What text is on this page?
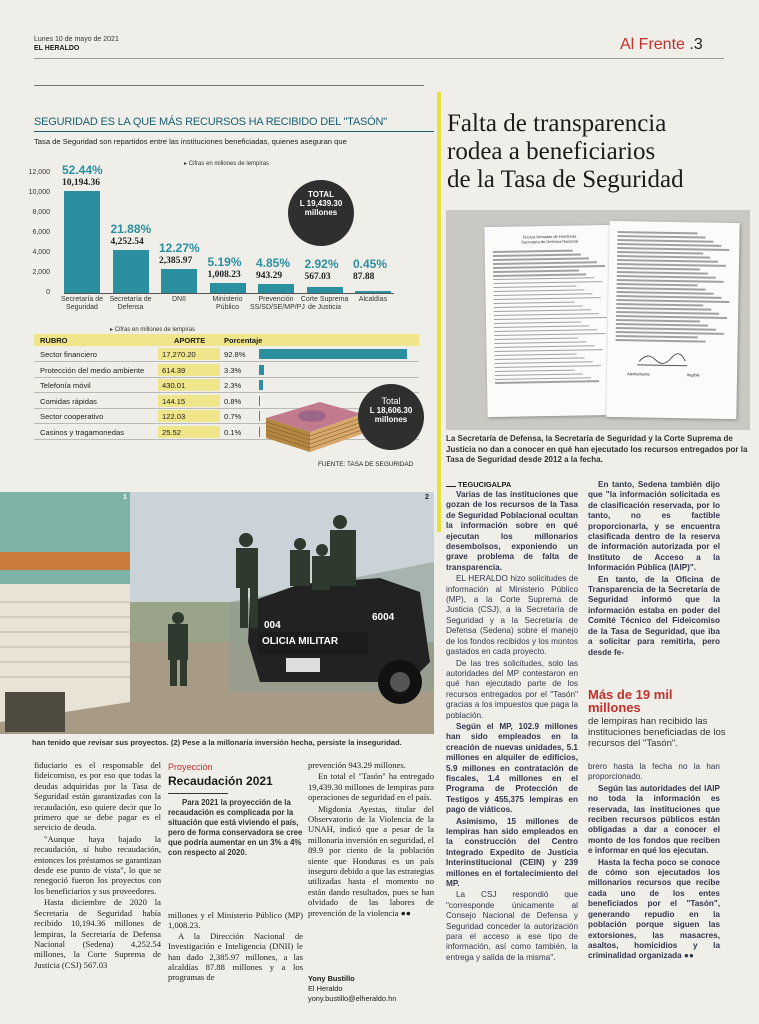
Lunes 10 de mayo de 2021
EL HERALDO	Al Frente .3
SEGURIDAD ES LA QUE MÁS RECURSOS HA RECIBIDO DEL "TASÓN"
Tasa de Seguridad son repartidos entre las instituciones beneficiadas, quienes aseguran que
▸ Cifras en millones de lempiras
12,000
10,000
8,000
6,000
4,000
2,000
0
10,194.36
52.44%
Secretaría de Seguridad
4,252.54
21.88%
Secretaría de Defensa
2,385.97
12.27%
DNII
1,008.23
5.19%
Ministerio Público
943.29
4.85%
Prevención SS/SD/SE/MP/PJ
567.03
2.92%
Corte Suprema de Justicia
87.88
0.45%
Alcaldías
TOTAL
L 19,439.30
millones
▸ Cifras en millones de lempiras
RUBRO	APORTE Porcentaje
Sector financiero	17,270.20	92.8%
Protección del medio ambiente	614.39	3.3%
Telefonía móvil	430.01	2.3%
Comidas rápidas	144.15	0.8%
Sector cooperativo	122.03	0.7%
Casinos y tragamonedas	25.52	0.1%
Total
L 18,606.30
millones
FUENTE: TASA DE SEGURIDAD
Falta de transparencia
rodea a beneficiarios
de la Tasa de Seguridad
Fuerza Armadas de Honduras
Secretaría de Defensa Nacional
Atentamente	Ilegible
La Secretaría de Defensa, la Secretaría de Seguridad y la Corte Suprema de Justicia no dan a conocer en qué han ejecutado los recursos entregados por la Tasa de Seguridad desde 2012 a la fecha.
OLICIA MILITAR
004
6004
1	2
han tenido que revisar sus proyectos. (2) Pese a la millonaria inversión hecha, persiste la inseguridad.
TEGUCIGALPA

Varias de las instituciones que gozan de los recursos de la Tasa de Seguridad Poblacional ocultan la información sobre en qué ejecutan los millonarios desembolsos, exponiendo un grave problema de falta de transparencia.

EL HERALDO hizo solicitudes de información al Ministerio Público (MP), a la Corte Suprema de Justicia (CSJ), a la Secretaría de Seguridad y a la Secretaría de Defensa (Sedena) sobre el manejo de los fondos recibidos y los montos gastados en cada proyecto.

De las tres solicitudes, solo las autoridades del MP contestaron en qué han ejecutado parte de los recursos entregados por el "Tasón" gracias a los impuestos que paga la población.

Según el MP, 102.9 millones han sido empleados en la creación de nuevas unidades, 5.1 millones en alquiler de edificios, 5.9 millones en contratación de fiscales, 1.4 millones en el Programa de Protección de Testigos y 455,375 lempiras en pago de viáticos.

Asimismo, 15 millones de lempiras han sido empleados en la construcción del Centro Integrado Expedito de Justicia Interinstitucional (CEIN) y 239 millones en el fortalecimiento del MP.

La CSJ respondió que "corresponde únicamente al Consejo Nacional de Defensa y Seguridad conceder la autorización para el acceso a ese tipo de información, así como también, la entrega y salida de la misma".

En tanto, Sedena también dijo que "la información solicitada es de clasificación reservada, por lo tanto, no es factible proporcionarla, y se encuentra clasificada dentro de la reserva de información autorizada por el Instituto de Acceso a la Información Pública (IAIP)".

En tanto, de la Oficina de Transparencia de la Secretaría de Seguridad informó que la información estaba en poder del Comité Técnico del Fideicomiso de la Tasa de Seguridad, que iba a solicitar para remitirla, pero desde fe-

Más de 19 mil millones
de lempiras han recibido las instituciones beneficiadas de los recursos del "Tasón".

brero hasta la fecha no la han proporcionado.

Según las autoridades del IAIP no toda la información es reservada, las instituciones que reciben recursos públicos están obligadas a dar a conocer el monto de los fondos que reciben e informar en qué los ejecutan.

Hasta la fecha poco se conoce de cómo son ejecutados los millonarios recursos que recibe cada uno de los entes beneficiados por el "Tasón", generando repudio en la población porque siguen las extorsiones, las masacres, asaltos, homicidios y la criminalidad organizada ●●

fiduciario es el responsable del fideicomiso, es por eso que todas la deudas adquiridas por la Tasa de Seguridad están garantizadas con la recaudación, eso quiere decir que lo primero que se debe pagar es el servicio de deuda.

"Aunque haya bajado la recaudación, sí hubo recaudación, entonces los préstamos se garantizan desde ese punto de vista", lo que se renegoció fueron los proyectos con los beneficiarios y sus proveedores.

Hasta diciembre de 2020 la Secretaría de Seguridad había recibido 10,194.36 millones de lempiras, la Secretaría de Defensa Nacional (Sedena) 4,252.54 millones, la Corte Suprema de Justicia (CSJ) 567.03

Proyección
Recaudación 2021
Para 2021 la proyección de la recaudación es complicada por la situación que está viviendo el país, pero de forma conservadora se cree que podría aumentar en un 3% a 4% con respecto al 2020.
millones y el Ministerio Público (MP) 1,008.23.

A la Dirección Nacional de Investigación e Inteligencia (DNII) le han dado 2,385.97 millones, a las alcaldías 87.88 millones y a los programas de

prevención 943.29 millones.

En total el "Tasón" ha entregado 19,439.30 millones de lempiras para operaciones de seguridad en el país.

Migdonia Ayestas, titular del Observatorio de la Violencia de la UNAH, indicó que a pesar de la millonaria inversión en seguridad, el 89.9 por ciento de la población siente que Honduras es un país inseguro debido a que las estrategias utilizadas hasta el momento no están dando resultados, pues se han olvidado de las labores de prevención de la violencia ●●

Yony Bustillo
El Heraldo
yony.bustillo@elheraldo.hn
